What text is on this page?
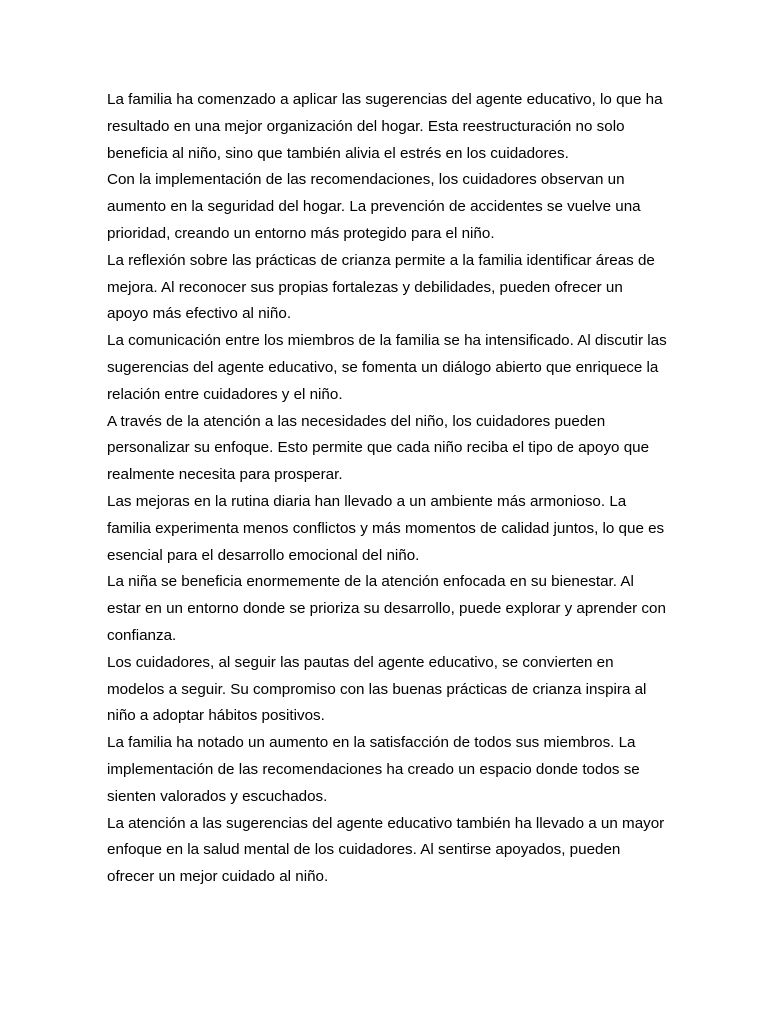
La familia ha comenzado a aplicar las sugerencias del agente educativo, lo que ha resultado en una mejor organización del hogar. Esta reestructuración no solo beneficia al niño, sino que también alivia el estrés en los cuidadores.

Con la implementación de las recomendaciones, los cuidadores observan un aumento en la seguridad del hogar. La prevención de accidentes se vuelve una prioridad, creando un entorno más protegido para el niño.

La reflexión sobre las prácticas de crianza permite a la familia identificar áreas de mejora. Al reconocer sus propias fortalezas y debilidades, pueden ofrecer un apoyo más efectivo al niño.

La comunicación entre los miembros de la familia se ha intensificado. Al discutir las sugerencias del agente educativo, se fomenta un diálogo abierto que enriquece la relación entre cuidadores y el niño.

A través de la atención a las necesidades del niño, los cuidadores pueden personalizar su enfoque. Esto permite que cada niño reciba el tipo de apoyo que realmente necesita para prosperar.

Las mejoras en la rutina diaria han llevado a un ambiente más armonioso. La familia experimenta menos conflictos y más momentos de calidad juntos, lo que es esencial para el desarrollo emocional del niño.

La niña se beneficia enormemente de la atención enfocada en su bienestar. Al estar en un entorno donde se prioriza su desarrollo, puede explorar y aprender con confianza.

Los cuidadores, al seguir las pautas del agente educativo, se convierten en modelos a seguir. Su compromiso con las buenas prácticas de crianza inspira al niño a adoptar hábitos positivos.

La familia ha notado un aumento en la satisfacción de todos sus miembros. La implementación de las recomendaciones ha creado un espacio donde todos se sienten valorados y escuchados.

La atención a las sugerencias del agente educativo también ha llevado a un mayor enfoque en la salud mental de los cuidadores. Al sentirse apoyados, pueden ofrecer un mejor cuidado al niño.
